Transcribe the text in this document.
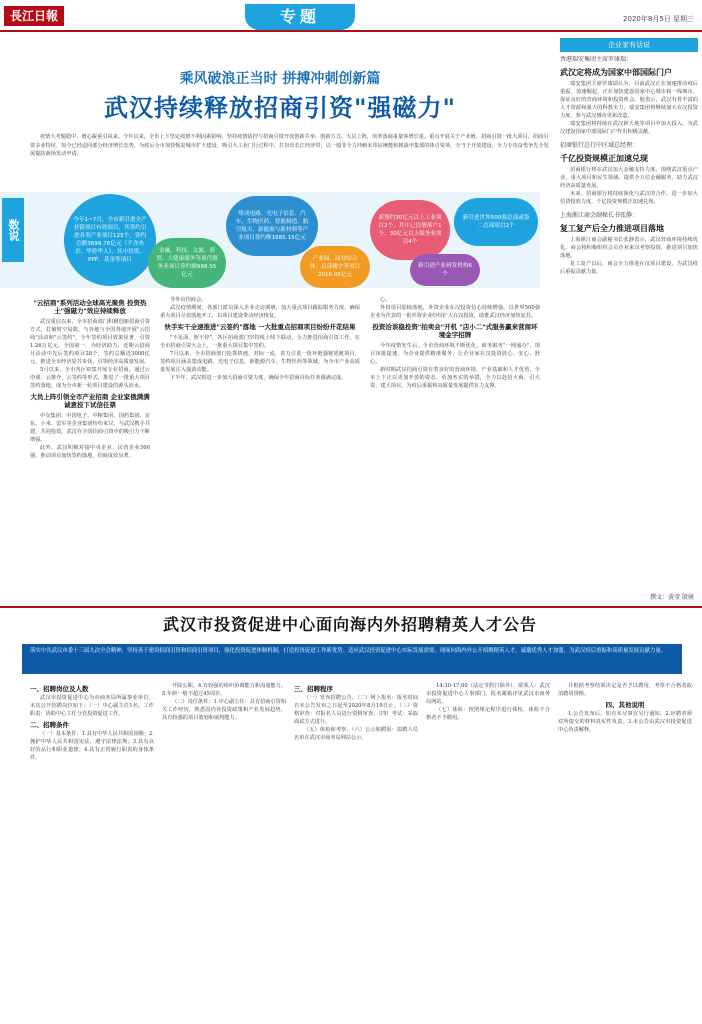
長江日報	专题	2020年8月5日 星期三
乘风破浪正当时 拼搏冲刺创新篇
武汉持续释放招商引资"强磁力"
疫情大考题稳中，增心凝重引凤来。今年以来，全市上下坚定疫情不利因素影响，坚持疫情防控与招商引资开放创新并举，创新方式、大员上阵，突率落商重量客增长重。重点开展关于产业链、招商引资一批大项目，招商引资多业特征，如今已经迫回部分经济增长态势，为疫后全市加快恢复城市扩大建设、吸引大工业门行过程中，打扮出长江经济带，以一般非全力冲刺未印证统能和挑战申集部的体引资项，全当于开放建设，全力专攻奋勇争先全发展提防新扬发动申请。
今年1~7月，全市新引进全产业链项目有效项目，其签约引进各类产业项目125个，签约总额3699.76亿元（不含央企、华侨华人），其中投资、PPP、基金等项目
金融、科技、文旅、商贸、大健康服务等现代服务业项目签约额998.55亿元
集成电路、光电子信息、汽车、生物医药、智能制造、航空航天、新能源与新材料等产业项目签约额1685.15亿元
产业园、商业综合体、总部楼宇等项目2016.06亿元
新签约30亿元以上工业项目2个，其中已注册落户1个，30亿元以上服务业项目4个
新引进世界500强总部或第二总部项目2个
新引进产业研发机构6个
数说
"云招商"系列活动全球高光聚焦 投资热土"强磁力"效应持续释放

武汉重启以来，全市招商部门积极创新招商引资方式，打破时空局限，与外地与全国各地开展"云招商"活动和"云签约"，全年签约项目效果显著，引资1.26万亿元，全国第一，为经济助力，近期云招商月活动中先后签约项目28个，签约总额近3000亿元，推进全市经济复苏步伐，引领经济高质量发展。

5月以来，全市各区密集开展专业招商，通过云洽谈、云推介、云签约等形式，推进了一批重大项目签约落地，成为全市新一轮项目建设的源头活水。

大员上阵引领全市产业招商 企业家俄满满诚意投下试信任票

中交集团、中国电子、中粮集团、国药集团、京东、小米、雷军等企业集团纷纷来汉，与武汉携手共建，共同投资，武汉在全国招商引资中的吸引力不断增强。

此外，武汉积极对接中央企业、民营企业500强，推动项目加快签约落地，招商成效显著。

导外出招商会。

武汉疫情期间，各部门派员深入企业走访调研，加大重点项目跟踪服务力度，确保重大项目尽快落地开工，以项目建设带动经济恢复。

快手实干全速推进"云签约"落地 一大批重点招商项目纷纷开花结果

"不见面，照不停"，各区招商部门坚持线上线下联动，全力推进招商引资工作。在全市招商引资大会上，一批重大项目集中签约。

7月以来，全市招商部门抢抓机遇，对标一流，着力引进一批补链强链延链项目，签约项目涵盖集成电路、光电子信息、新能源汽车、生物医药等领域，为全市产业高质量发展注入强劲动能。

下半年，武汉将进一步加大招商引资力度，确保全年招商目标任务圆满完成。

心。

外资项目陆续落地，外资企业在汉投资信心持续增强。以世界500强企业为代表的一批外资企业纷纷扩大在汉投资，助推武汉经济加快复苏。

投资洽谈稳投资"拍卖会"开机 "店小二"式服务赢来营商环境金字招牌

今年疫情发生后，全市营商环境不断优化，政务服务"一网通办"、项目审批提速，为企业提供精准服务，让企业家在汉投资放心、安心、舒心。

新时期武汉招商引资有着良好的营商环境、产业基础和人才优势，全市上下正以更加开放的姿态、更加务实的举措，全力以赴招大商、引大资、建大项目，为疫后重振和高质量发展提供有力支撑。

企业家有话说
香港瑞安集团主席罗康瑞：
武汉定将成为国家中部国际门户

瑞安集团主席罗康瑞认为，目前武汉正在加速推动疫后重振，加速崛起，正在加快建设国家中心城市和一线城市，保证良好的营商环境和投资机会。他表示，武汉有着丰富的人才资源和强大的科教实力，瑞安集团将继续加大在汉投资力度，参与武汉城市更新改造。

瑞安集团将持续在武汉新天地等项目中加大投入，为武汉建设国家中部国际门户作出积极贡献。

招商银行总行中区域总经理：
千亿投资规模正加速兑现

招商银行将在武汉加大金融支持力度，围绕武汉重点产业、重大项目和民生领域，提供全方位金融服务，助力武汉经济高质量发展。

未来，招商银行将持续深化与武汉的合作，进一步加大信贷投放力度，千亿投资规模正加速兑现。

上海浙江商会副秘长书张静：
复工复产后全力推进项目落地

上海浙江商会副秘书长张静表示，武汉营商环境持续优化，商会将积极组织会员企业来汉考察投资，推进项目加快落地。

复工复产以后，商会全力推进在汉项目建设，为武汉疫后重振贡献力量。

撰文：黄莹 殷骏
武汉市投资促进中心面向海内外招聘精英人才公告
落实中共武汉市委十三届九次全会精神，坚持善于建设招商引资和招商引资项目，强化投资促进体制机制，打造投资促进工作新优势。适应武汉投资促进中心实际发展需要，现面向海内外公开招聘精英人才，诚邀优秀人才加盟，为武汉疫后重振和高质量发展贡献力量。
一、招聘岗位及人数

武汉市投资促进中心为市商务局所属事业单位，本次公开招聘岗位如下：（一）中心副主任1名。工作职责：协助中心主任分管投资促进工作。

二、招聘条件

（一）基本条件：1.具有中华人民共和国国籍；2.拥护中华人民共和国宪法，遵守法律法规；3.具有良好的品行和职业道德；4.具有正常履行职责的身体条件。

开除公职。4.有较强的组织协调能力和沟通能力。5.年龄一般不超过45周岁。

（二）岗位条件：1.中心副主任：具有招商引资相关工作经历，熟悉国内外投资政策和产业发展趋势，具有较强的项目策划和谈判能力。

三、招聘程序

（一）发布招聘公告。（二）网上报名：报名时间自本公告发布之日起至2020年8月19日止。（三）资格审查：对报名人员进行资格审查。（四）考试：采取面试方式进行。

（五）体检和考察。（六）公示和聘用：拟聘人员名单在武汉市商务局网站公示。

14:30-17:00（法定节假日除外）。联系人：武汉市投资促进中心人事部门。报名邮箱详见武汉市商务局网站。

（七）体检：按照规定程序进行体检，体检不合格者不予聘用。

并根据考察结果决定是否予以聘用，考察不合格者取消聘用资格。

四、其他说明

1.公告发布后，如有未尽事宜另行通知。2.应聘者须对所提交的材料真实性负责。3.本公告由武汉市投资促进中心负责解释。
